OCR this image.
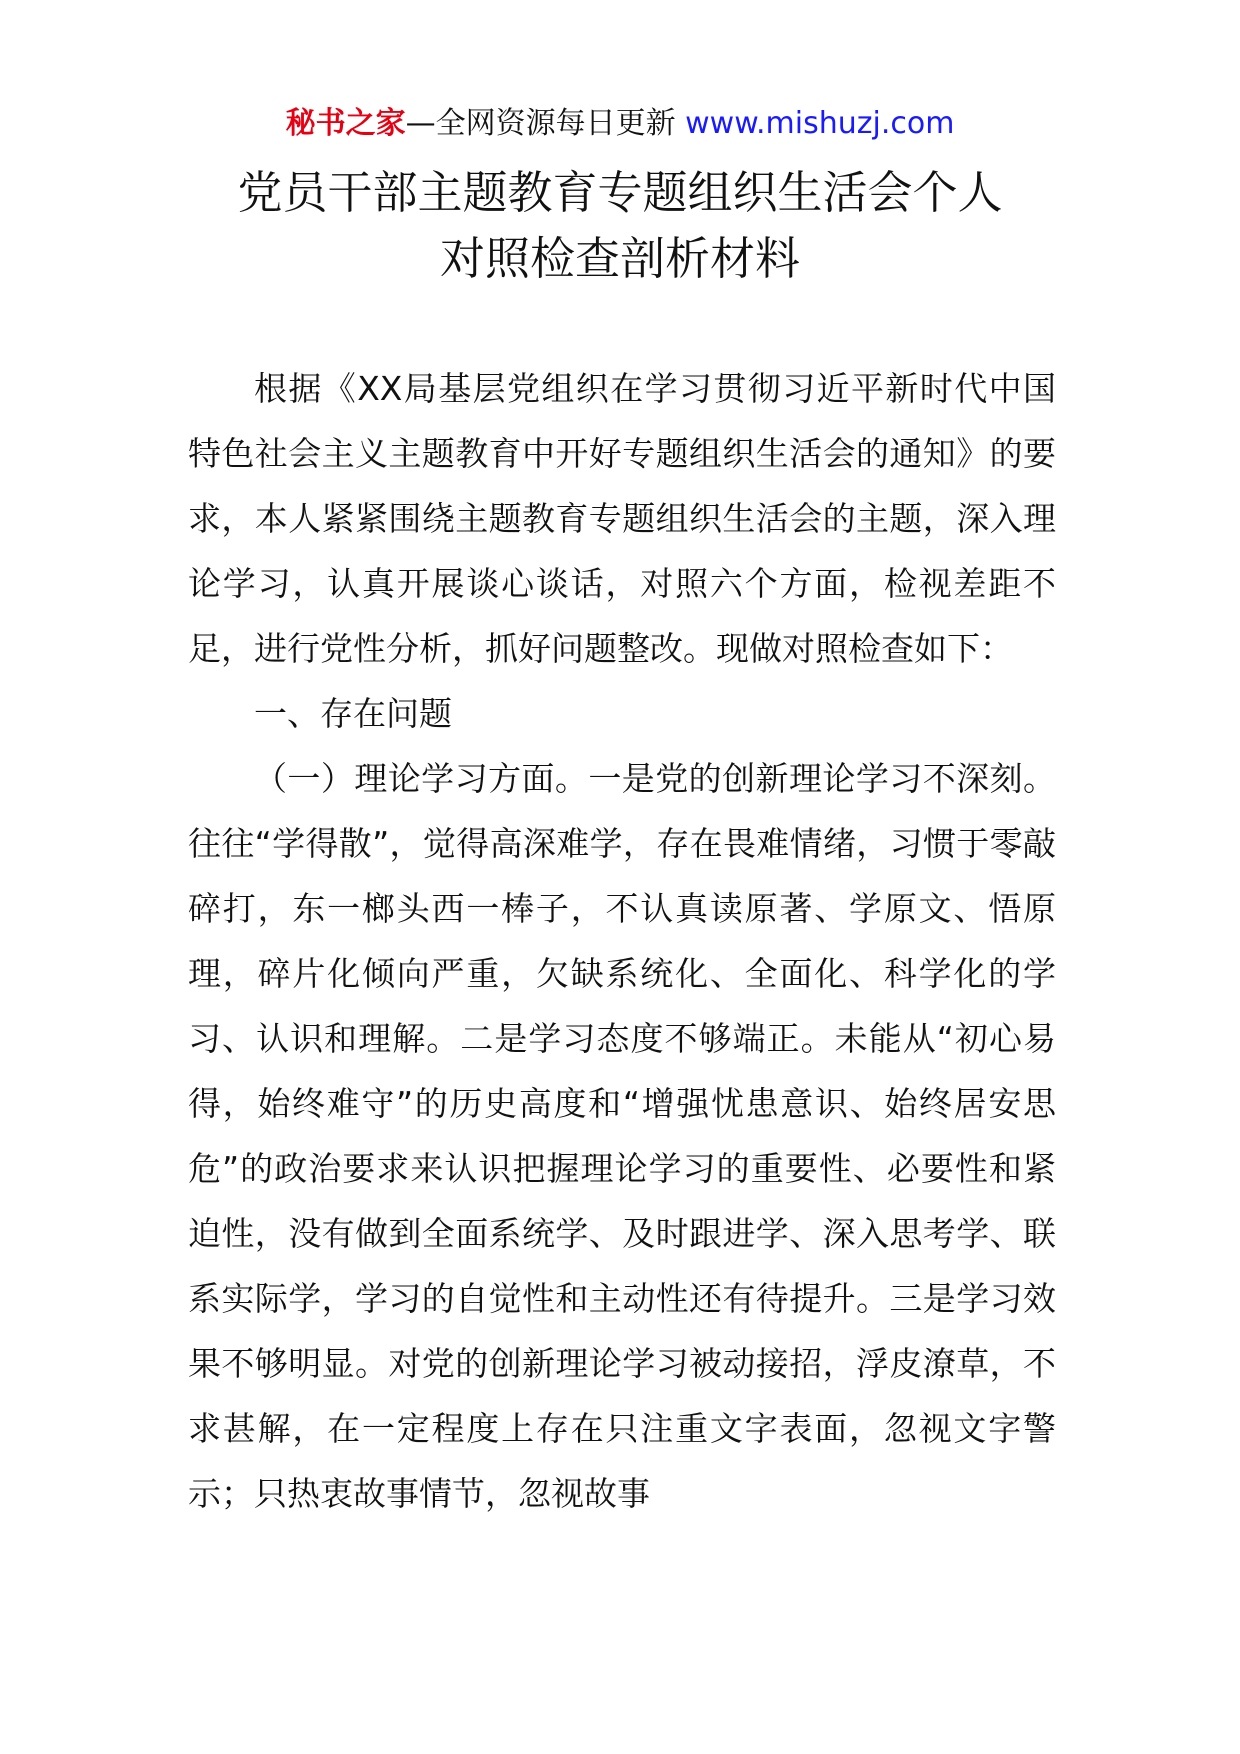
秘书之家—全网资源每日更新 www.mishuzj.com
党员干部主题教育专题组织生活会个人
对照检查剖析材料

根据《XX局基层党组织在学习贯彻习近平新时代中国特色社会主义主题教育中开好专题组织生活会的通知》的要求，本人紧紧围绕主题教育专题组织生活会的主题，深入理论学习，认真开展谈心谈话，对照六个方面，检视差距不足，进行党性分析，抓好问题整改。现做对照检查如下：

一、存在问题

（一）理论学习方面。一是党的创新理论学习不深刻。往往“学得散”，觉得高深难学，存在畏难情绪，习惯于零敲碎打，东一榔头西一棒子，不认真读原著、学原文、悟原理，碎片化倾向严重，欠缺系统化、全面化、科学化的学习、认识和理解。二是学习态度不够端正。未能从“初心易得，始终难守”的历史高度和“增强忧患意识、始终居安思危”的政治要求来认识把握理论学习的重要性、必要性和紧迫性，没有做到全面系统学、及时跟进学、深入思考学、联系实际学，学习的自觉性和主动性还有待提升。三是学习效果不够明显。对党的创新理论学习被动接招，浮皮潦草，不求甚解，在一定程度上存在只注重文字表面，忽视文字警示；只热衷故事情节，忽视故事
